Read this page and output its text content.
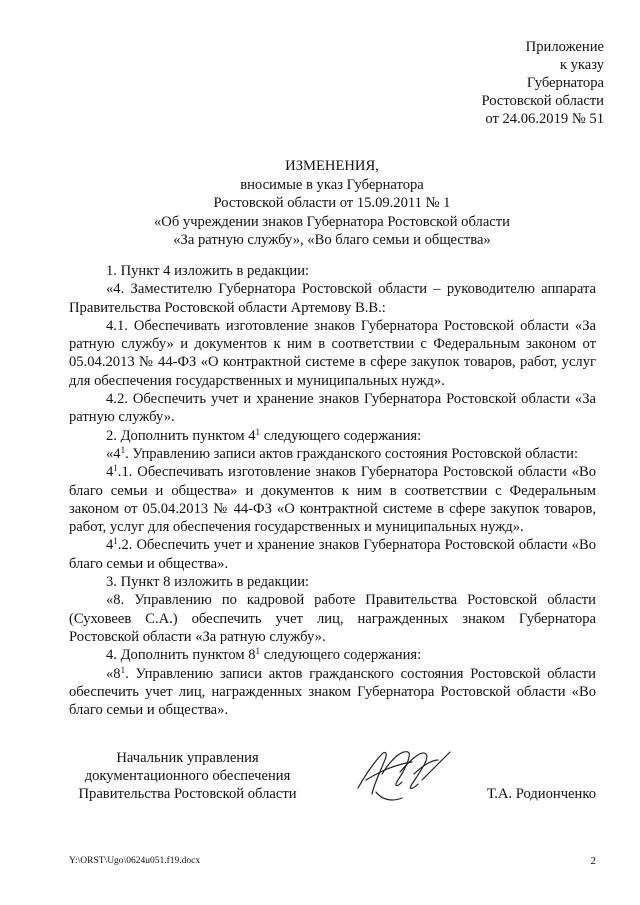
Приложение
к указу
Губернатора
Ростовской области
от 24.06.2019 № 51
ИЗМЕНЕНИЯ,
вносимые в указ Губернатора
Ростовской области от 15.09.2011 № 1
«Об учреждении знаков Губернатора Ростовской области
«За ратную службу», «Во благо семьи и общества»

1. Пункт 4 изложить в редакции:

«4. Заместителю Губернатора Ростовской области – руководителю аппарата Правительства Ростовской области Артемову В.В.:

4.1. Обеспечивать изготовление знаков Губернатора Ростовской области «За ратную службу» и документов к ним в соответствии с Федеральным законом от 05.04.2013 № 44-ФЗ «О контрактной системе в сфере закупок товаров, работ, услуг для обеспечения государственных и муниципальных нужд».

4.2. Обеспечить учет и хранение знаков Губернатора Ростовской области «За ратную службу».

2. Дополнить пунктом $4^1$ следующего содержания:

«$4^1$. Управлению записи актов гражданского состояния Ростовской области:

$4^1.1$. Обеспечивать изготовление знаков Губернатора Ростовской области «Во благо семьи и общества» и документов к ним в соответствии с Федеральным законом от 05.04.2013 № 44-ФЗ «О контрактной системе в сфере закупок товаров, работ, услуг для обеспечения государственных и муниципальных нужд».

$4^1.2$. Обеспечить учет и хранение знаков Губернатора Ростовской области «Во благо семьи и общества».

3. Пункт 8 изложить в редакции:

«8. Управлению по кадровой работе Правительства Ростовской области (Суховеев С.А.) обеспечить учет лиц, награжденных знаком Губернатора Ростовской области «За ратную службу».

4. Дополнить пунктом $8^1$ следующего содержания:

«$8^1$. Управлению записи актов гражданского состояния Ростовской области обеспечить учет лиц, награжденных знаком Губернатора Ростовской области «Во благо семьи и общества».

Начальник управления
документационного обеспечения
Правительства Ростовской области	Т.А. Родионченко
Y:\ORST\Ugo\0624u051.f19.docx	2
